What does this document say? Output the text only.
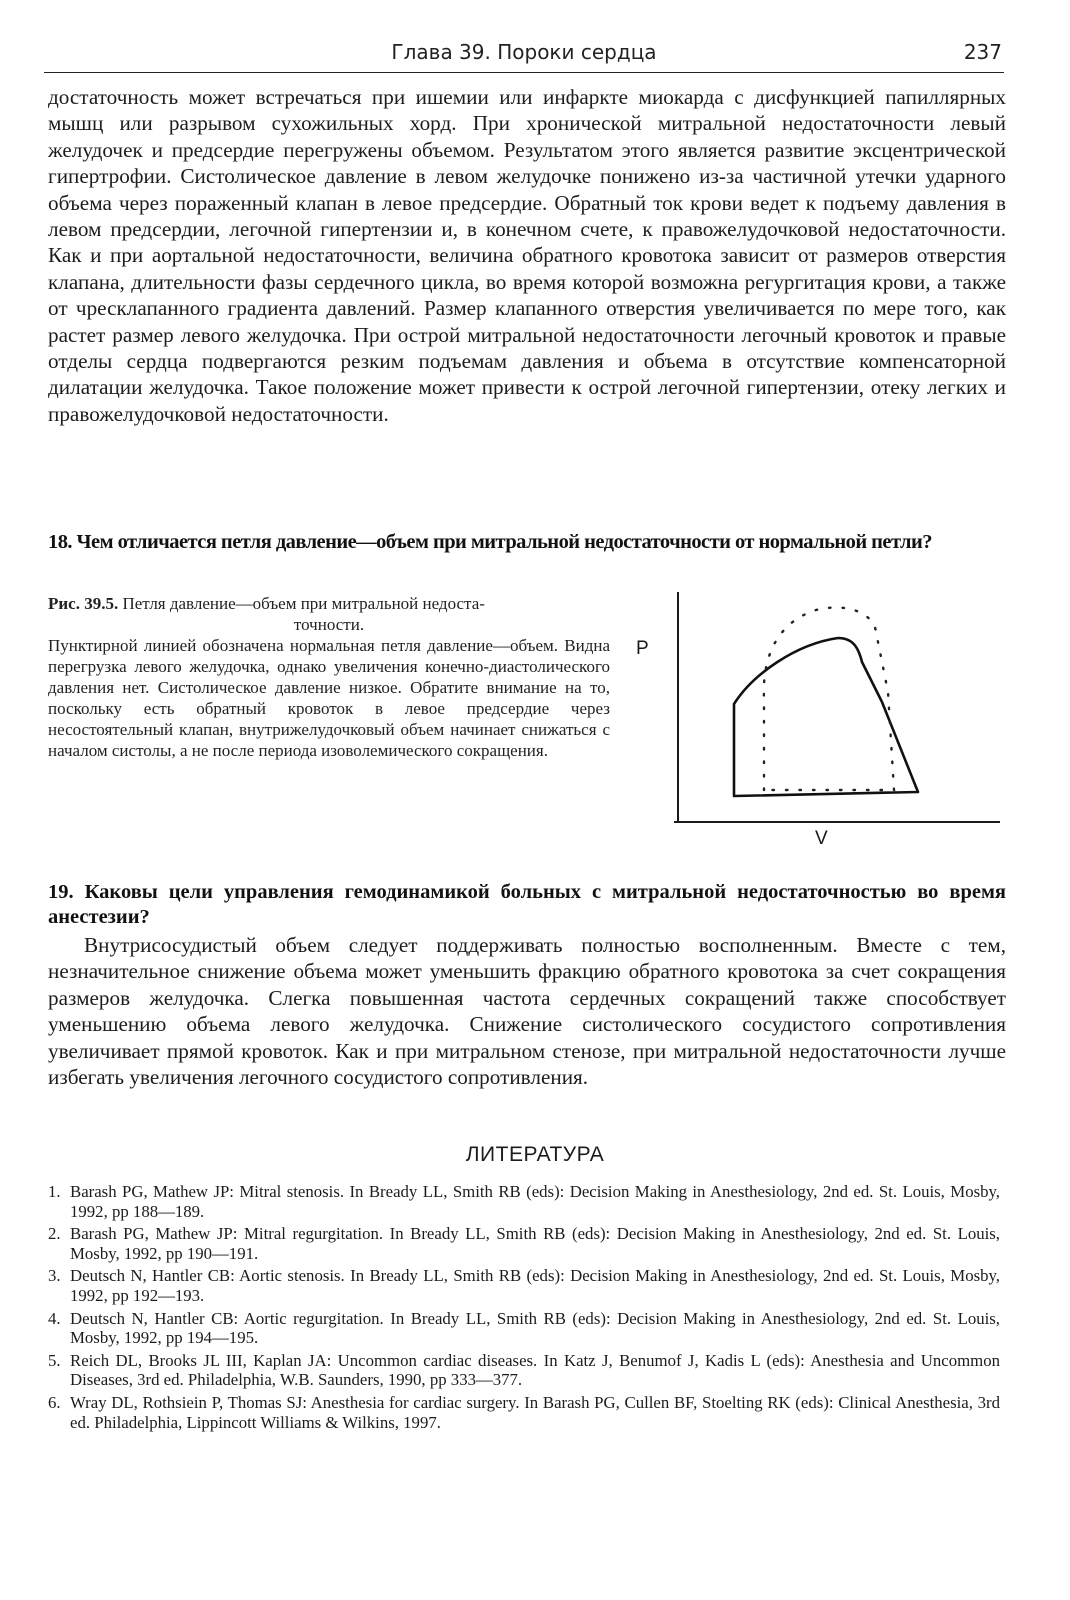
Глава 39. Пороки сердца	237
достаточность может встречаться при ишемии или инфаркте миокарда с дисфункцией папиллярных мышц или разрывом сухожильных хорд. При хронической митральной недостаточности левый желудочек и предсердие перегружены объемом. Результатом этого является развитие эксцентрической гипертрофии. Систолическое давление в левом желудочке понижено из-за частичной утечки ударного объема через пораженный клапан в левое предсердие. Обратный ток крови ведет к подъему давления в левом предсердии, легочной гипертензии и, в конечном счете, к правожелудочковой недостаточности. Как и при аортальной недостаточности, величина обратного кровотока зависит от размеров отверстия клапана, длительности фазы сердечного цикла, во время которой возможна регургитация крови, а также от чресклапанного градиента давлений. Размер клапанного отверстия увеличивается по мере того, как растет размер левого желудочка. При острой митральной недостаточности легочный кровоток и правые отделы сердца подвергаются резким подъемам давления и объема в отсутствие компенсаторной дилатации желудочка. Такое положение может привести к острой легочной гипертензии, отеку легких и правожелудочковой недостаточности.
18. Чем отличается петля давление—объем при митральной недостаточности от нормальной петли?
Рис. 39.5. Петля давление—объем при митральной недоста-
точности.
Пунктирной линией обозначена нормальная петля давление—объем. Видна перегрузка левого желудочка, однако увеличения конечно-диастолического давления нет. Систолическое давление низкое. Обратите внимание на то, поскольку есть обратный кровоток в левое предсердие через несостоятельный клапан, внутрижелудочковый объем начинает снижаться с началом систолы, а не после периода изоволемического сокращения.
P
V
19. Каковы цели управления гемодинамикой больных с митральной недостаточностью во время анестезии?
Внутрисосудистый объем следует поддерживать полностью восполненным. Вместе с тем, незначительное снижение объема может уменьшить фракцию обратного кровотока за счет сокращения размеров желудочка. Слегка повышенная частота сердечных сокращений также способствует уменьшению объема левого желудочка. Снижение систолического сосудистого сопротивления увеличивает прямой кровоток. Как и при митральном стенозе, при митральной недостаточности лучше избегать увеличения легочного сосудистого сопротивления.
ЛИТЕРАТУРА
1. Barash PG, Mathew JP: Mitral stenosis. In Bready LL, Smith RB (eds): Decision Making in Anesthesiology, 2nd ed. St. Louis, Mosby, 1992, pp 188—189.
2. Barash PG, Mathew JP: Mitral regurgitation. In Bready LL, Smith RB (eds): Decision Making in Anesthesiology, 2nd ed. St. Louis, Mosby, 1992, pp 190—191.
3. Deutsch N, Hantler CB: Aortic stenosis. In Bready LL, Smith RB (eds): Decision Making in Anesthesiology, 2nd ed. St. Louis, Mosby, 1992, pp 192—193.
4. Deutsch N, Hantler CB: Aortic regurgitation. In Bready LL, Smith RB (eds): Decision Making in Anesthesiology, 2nd ed. St. Louis, Mosby, 1992, pp 194—195.
5. Reich DL, Brooks JL III, Kaplan JA: Uncommon cardiac diseases. In Katz J, Benumof J, Kadis L (eds): Anesthesia and Uncommon Diseases, 3rd ed. Philadelphia, W.B. Saunders, 1990, pp 333—377.
6. Wray DL, Rothsiein P, Thomas SJ: Anesthesia for cardiac surgery. In Barash PG, Cullen BF, Stoelting RK (eds): Clinical Anesthesia, 3rd ed. Philadelphia, Lippincott Williams & Wilkins, 1997.
